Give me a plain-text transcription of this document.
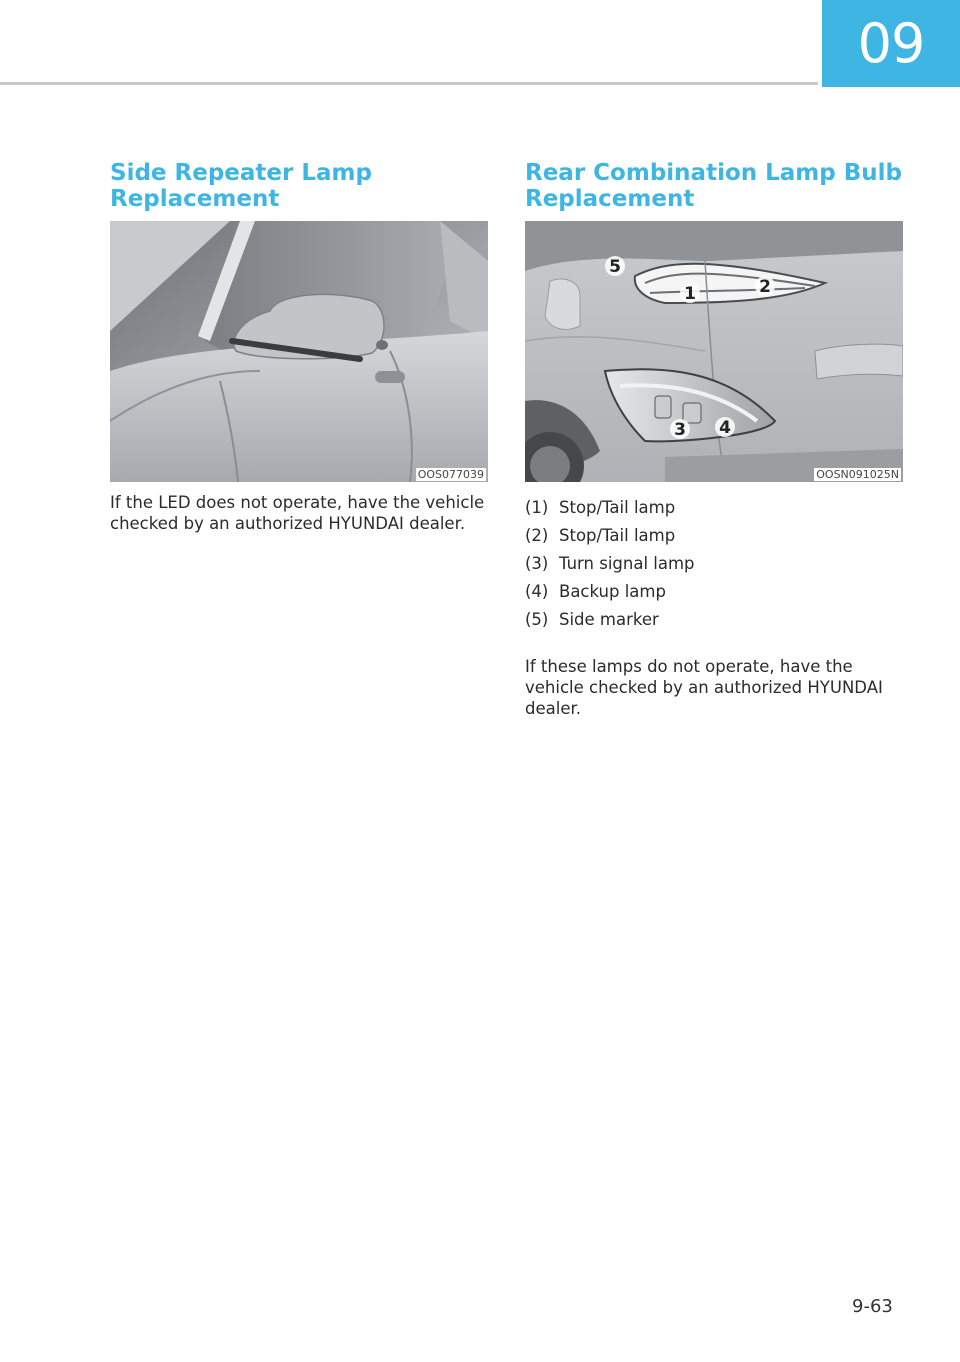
09
Side Repeater Lamp Replacement
OOS077039

If the LED does not operate, have the vehicle checked by an authorized HYUNDAI dealer.

Rear Combination Lamp Bulb Replacement
5
1	2
3 4
OOSN091025N
(1) Stop/Tail lamp
(2) Stop/Tail lamp
(3) Turn signal lamp
(4) Backup lamp
(5) Side marker

If these lamps do not operate, have the vehicle checked by an authorized HYUNDAI dealer.

9-63
